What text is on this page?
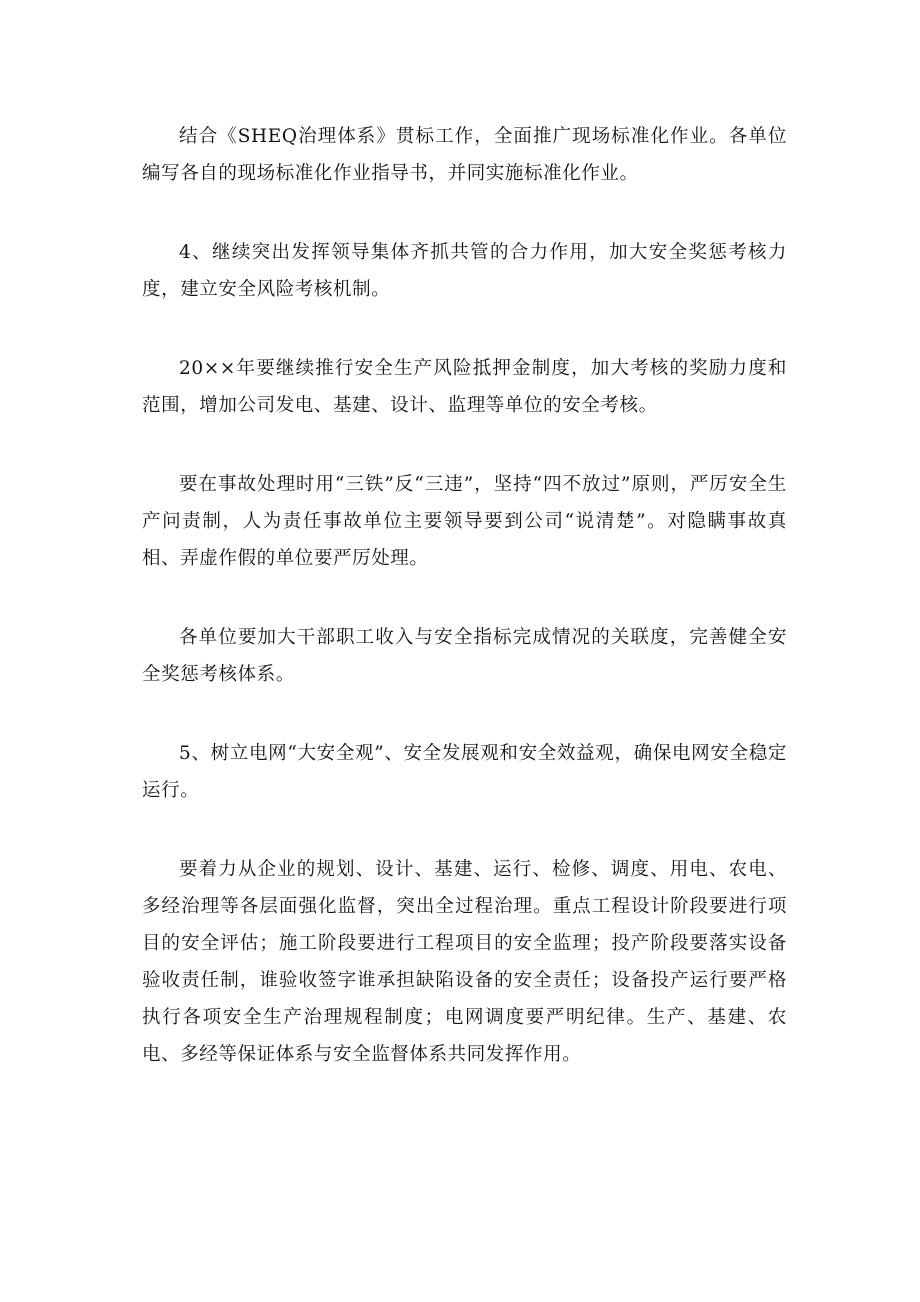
结合《SHEQ治理体系》贯标工作，全面推广现场标准化作业。各单位编写各自的现场标准化作业指导书，并同实施标准化作业。

4、继续突出发挥领导集体齐抓共管的合力作用，加大安全奖惩考核力度，建立安全风险考核机制。

20××年要继续推行安全生产风险抵押金制度，加大考核的奖励力度和范围，增加公司发电、基建、设计、监理等单位的安全考核。

要在事故处理时用“三铁”反“三违”，坚持“四不放过”原则，严厉安全生产问责制，人为责任事故单位主要领导要到公司“说清楚”。对隐瞒事故真相、弄虚作假的单位要严厉处理。

各单位要加大干部职工收入与安全指标完成情况的关联度，完善健全安全奖惩考核体系。

5、树立电网“大安全观”、安全发展观和安全效益观，确保电网安全稳定运行。

要着力从企业的规划、设计、基建、运行、检修、调度、用电、农电、多经治理等各层面强化监督，突出全过程治理。重点工程设计阶段要进行项目的安全评估；施工阶段要进行工程项目的安全监理；投产阶段要落实设备验收责任制，谁验收签字谁承担缺陷设备的安全责任；设备投产运行要严格执行各项安全生产治理规程制度；电网调度要严明纪律。生产、基建、农电、多经等保证体系与安全监督体系共同发挥作用。
